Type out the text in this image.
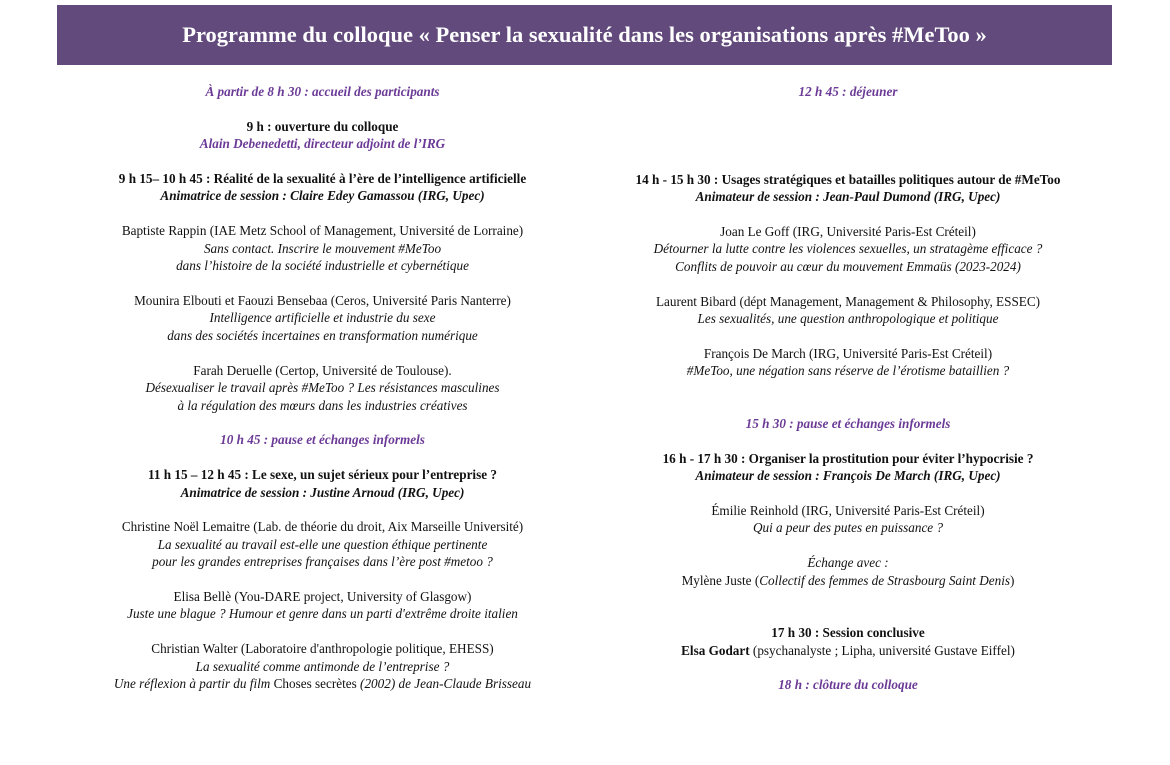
Programme du colloque « Penser la sexualité dans les organisations après #MeToo »

À partir de 8 h 30 : accueil des participants

9 h : ouverture du colloque

Alain Debenedetti, directeur adjoint de l’IRG

9 h 15– 10 h 45 : Réalité de la sexualité à l’ère de l’intelligence artificielle

Animatrice de session : Claire Edey Gamassou (IRG, Upec)

Baptiste Rappin (IAE Metz School of Management, Université de Lorraine)

Sans contact. Inscrire le mouvement #MeToo

dans l’histoire de la société industrielle et cybernétique

Mounira Elbouti et Faouzi Bensebaa (Ceros, Université Paris Nanterre)

Intelligence artificielle et industrie du sexe

dans des sociétés incertaines en transformation numérique

Farah Deruelle (Certop, Université de Toulouse).

Désexualiser le travail après #MeToo ? Les résistances masculines

à la régulation des mœurs dans les industries créatives

10 h 45 : pause et échanges informels

11 h 15 – 12 h 45 : Le sexe, un sujet sérieux pour l’entreprise ?

Animatrice de session : Justine Arnoud (IRG, Upec)

Christine Noël Lemaitre (Lab. de théorie du droit, Aix Marseille Université)

La sexualité au travail est-elle une question éthique pertinente

pour les grandes entreprises françaises dans l’ère post #metoo ?

Elisa Bellè (You-DARE project, University of Glasgow)

Juste une blague ? Humour et genre dans un parti d'extrême droite italien

Christian Walter (Laboratoire d'anthropologie politique, EHESS)

La sexualité comme antimonde de l’entreprise ?

Une réflexion à partir du film Choses secrètes (2002) de Jean-Claude Brisseau

12 h 45 : déjeuner

14 h - 15 h 30 : Usages stratégiques et batailles politiques autour de #MeToo

Animateur de session : Jean-Paul Dumond (IRG, Upec)

Joan Le Goff (IRG, Université Paris-Est Créteil)

Détourner la lutte contre les violences sexuelles, un stratagème efficace ?

Conflits de pouvoir au cœur du mouvement Emmaüs (2023-2024)

Laurent Bibard (dépt Management, Management & Philosophy, ESSEC)

Les sexualités, une question anthropologique et politique

François De March (IRG, Université Paris-Est Créteil)

#MeToo, une négation sans réserve de l’érotisme bataillien ?

15 h 30 : pause et échanges informels

16 h - 17 h 30 : Organiser la prostitution pour éviter l’hypocrisie ?

Animateur de session : François De March (IRG, Upec)

Émilie Reinhold (IRG, Université Paris-Est Créteil)

Qui a peur des putes en puissance ?

Échange avec :

Mylène Juste (Collectif des femmes de Strasbourg Saint Denis)

17 h 30 : Session conclusive

Elsa Godart (psychanalyste ; Lipha, université Gustave Eiffel)

18 h : clôture du colloque
